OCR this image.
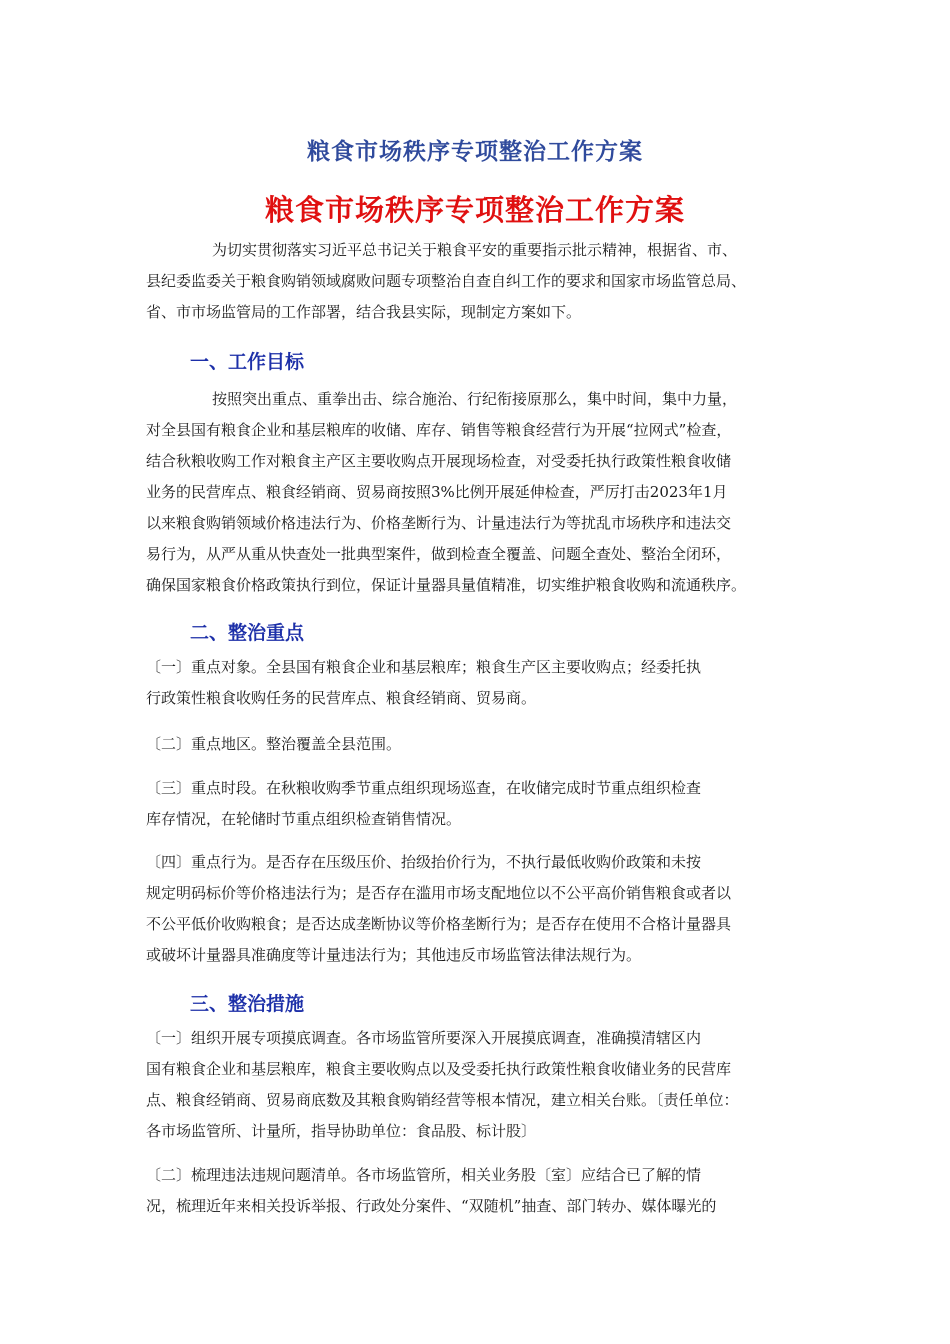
粮食市场秩序专项整治工作方案
粮食市场秩序专项整治工作方案
为切实贯彻落实习近平总书记关于粮食平安的重要指示批示精神，根据省、市、
县纪委监委关于粮食购销领域腐败问题专项整治自查自纠工作的要求和国家市场监管总局、
省、市市场监管局的工作部署，结合我县实际，现制定方案如下。
一、工作目标
按照突出重点、重拳出击、综合施治、行纪衔接原那么，集中时间，集中力量，
对全县国有粮食企业和基层粮库的收储、库存、销售等粮食经营行为开展“拉网式”检查，
结合秋粮收购工作对粮食主产区主要收购点开展现场检查，对受委托执行政策性粮食收储
业务的民营库点、粮食经销商、贸易商按照3%比例开展延伸检查，严厉打击2023年1月
以来粮食购销领域价格违法行为、价格垄断行为、计量违法行为等扰乱市场秩序和违法交
易行为，从严从重从快查处一批典型案件，做到检查全覆盖、问题全查处、整治全闭环，
确保国家粮食价格政策执行到位，保证计量器具量值精准，切实维护粮食收购和流通秩序。
二、整治重点
〔一〕重点对象。全县国有粮食企业和基层粮库；粮食生产区主要收购点；经委托执
行政策性粮食收购任务的民营库点、粮食经销商、贸易商。
〔二〕重点地区。整治覆盖全县范围。
〔三〕重点时段。在秋粮收购季节重点组织现场巡查，在收储完成时节重点组织检查
库存情况，在轮储时节重点组织检查销售情况。
〔四〕重点行为。是否存在压级压价、抬级抬价行为，不执行最低收购价政策和未按
规定明码标价等价格违法行为；是否存在滥用市场支配地位以不公平高价销售粮食或者以
不公平低价收购粮食；是否达成垄断协议等价格垄断行为；是否存在使用不合格计量器具
或破坏计量器具准确度等计量违法行为；其他违反市场监管法律法规行为。
三、整治措施
〔一〕组织开展专项摸底调查。各市场监管所要深入开展摸底调查，准确摸清辖区内
国有粮食企业和基层粮库，粮食主要收购点以及受委托执行政策性粮食收储业务的民营库
点、粮食经销商、贸易商底数及其粮食购销经营等根本情况，建立相关台账。〔责任单位：
各市场监管所、计量所，指导协助单位：食品股、标计股〕
〔二〕梳理违法违规问题清单。各市场监管所，相关业务股〔室〕应结合已了解的情
况，梳理近年来相关投诉举报、行政处分案件、“双随机”抽查、部门转办、媒体曝光的
